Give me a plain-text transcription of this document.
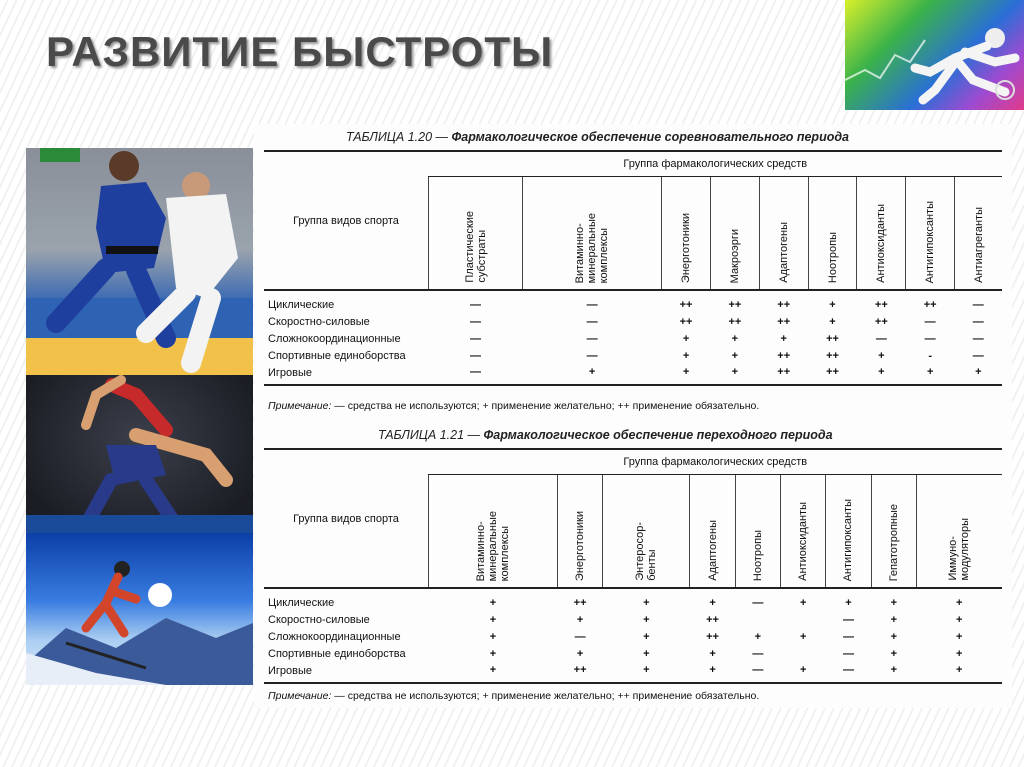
РАЗВИТИЕ БЫСТРОТЫ
ТАБЛИЦА 1.20 — Фармакологическое обеспечение соревновательного периода
Группа видов спорта	Группа фармакологических средств								

	Пластические
субстраты	Витаминно-
минеральные
комплексы	Энерготоники	Макроэрги	Адаптогены	Ноотропы	Антиоксиданты	Антигипоксанты	Антиагреганты

Циклические	—	—	++	++	++	+	++	++	—
Скоростно-силовые	—	—	++	++	++	+	++	—	—
Сложнокоординационные	—	—	+	+	+	++	—	—	—
Спортивные единоборства	—	—	+	+	++	++	+	-	—
Игровые	—	+	+	+	++	++	+	+	+
Примечание: — средства не используются; + применение желательно; ++ применение обязательно.
ТАБЛИЦА 1.21 — Фармакологическое обеспечение переходного периода
Группа видов спорта	Группа фармакологических средств								

	Витаминно-
минеральные
комплексы	Энерготоники	Энтеросор-
бенты	Адаптогены	Ноотропы	Антиоксиданты	Антигипоксанты	Гепатотропные	Иммуно-
модуляторы

Циклические	+	++	+	+	—	+	+	+	+
Скоростно-силовые	+	+	+	++			—	+	+
Сложнокоординационные	+	—	+	++	+	+	—	+	+
Спортивные единоборства	+	+	+	+	—		—	+	+
Игровые	+	++	+	+	—	+	—	+	+
Примечание: — средства не используются; + применение желательно; ++ применение обязательно.
